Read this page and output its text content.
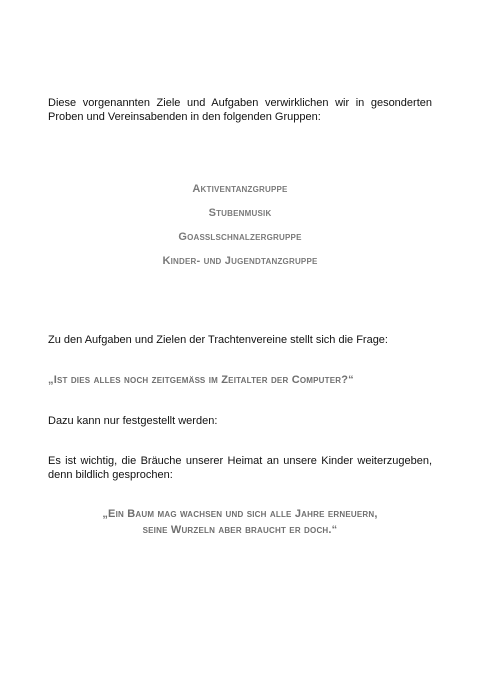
Diese vorgenannten Ziele und Aufgaben verwirklichen wir in gesonderten Proben und Vereinsabenden in den folgenden Gruppen:

Aktiventanzgruppe

Stubenmusik

Goaßlschnalzergruppe

Kinder- und Jugendtanzgruppe

Zu den Aufgaben und Zielen der Trachtenvereine stellt sich die Frage:

„Ist dies alles noch zeitgemäß im Zeitalter der Computer?“

Dazu kann nur festgestellt werden:

Es ist wichtig, die Bräuche unserer Heimat an unsere Kinder weiterzugeben, denn bildlich gesprochen:

„Ein Baum mag wachsen und sich alle Jahre erneuern,

seine Wurzeln aber braucht er doch.“
